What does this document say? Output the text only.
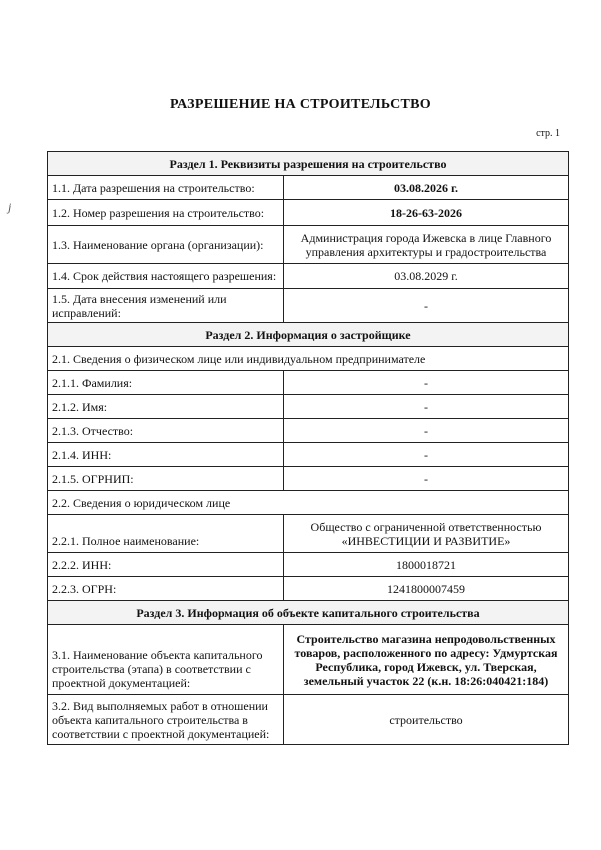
РАЗРЕШЕНИЕ НА СТРОИТЕЛЬСТВО
стр. 1
j
Раздел 1. Реквизиты разрешения на строительство	
1.1. Дата разрешения на строительство:	03.08.2026 г.
1.2. Номер разрешения на строительство:	18-26-63-2026
1.3. Наименование органа (организации):	Администрация города Ижевска в лице Главного управления архитектуры и градостроительства
1.4. Срок действия настоящего разрешения:	03.08.2029 г.
1.5. Дата внесения изменений или исправлений:	-
Раздел 2. Информация о застройщике	
2.1. Сведения о физическом лице или индивидуальном предпринимателе	
2.1.1. Фамилия:	-
2.1.2. Имя:	-
2.1.3. Отчество:	-
2.1.4. ИНН:	-
2.1.5. ОГРНИП:	-
2.2. Сведения о юридическом лице	
2.2.1. Полное наименование:	Общество с ограниченной ответственностью «ИНВЕСТИЦИИ И РАЗВИТИЕ»
2.2.2. ИНН:	1800018721
2.2.3. ОГРН:	1241800007459
Раздел 3. Информация об объекте капитального строительства	
3.1. Наименование объекта капитального строительства (этапа) в соответствии с проектной документацией:	Строительство магазина непродовольственных товаров, расположенного по адресу: Удмуртская Республика, город Ижевск, ул. Тверская, земельный участок 22 (к.н. 18:26:040421:184)
3.2. Вид выполняемых работ в отношении объекта капитального строительства в соответствии с проектной документацией:	строительство
